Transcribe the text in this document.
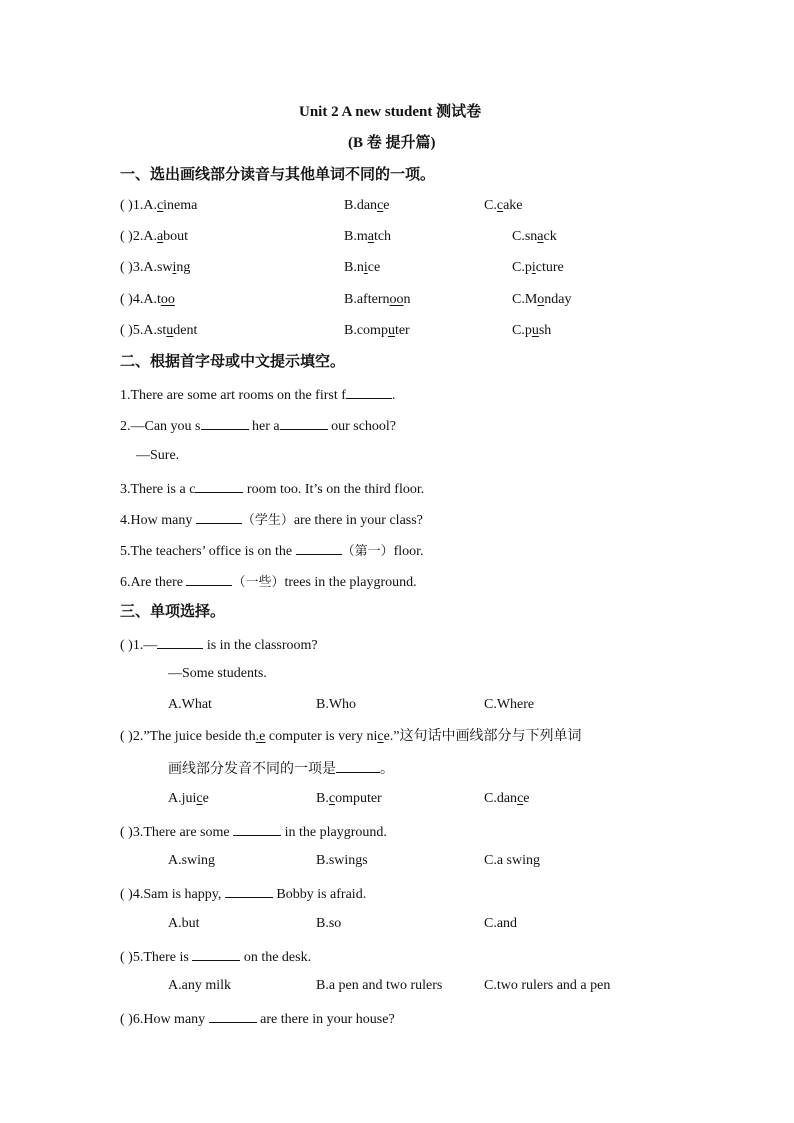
Unit 2 A new student 测试卷
(B 卷 提升篇)
一、选出画线部分读音与其他单词不同的一项。
( )1.A.cinema	B.dance	C.cake
( )2.A.about	B.match	C.snack
( )3.A.swing	B.nice	C.picture
( )4.A.too	B.afternoon	C.Monday
( )5.A.student	B.computer	C.push
二、根据首字母或中文提示填空。
1.There are some art rooms on the first f	.
2.—Can you s	her a	our school?
—Sure.
3.There is a c	room too. It’s on the third floor.
4.How many	（学生）are there in your class?
5.The teachers’ office is on the	（第一）floor.
6.Are there	（一些）trees in the playground.
三、单项选择。
( )1.—	is in the classroom?
—Some students.
A.What	B.Who	C.Where
( )2.”The juice beside th.e computer is very nice.”这句话中画线部分与下列单词
画线部分发音不同的一项是	。
A.juice	B.computer	C.dance
( )3.There are some	in the playground.
A.swing	B.swings	C.a swing
( )4.Sam is happy,	Bobby is afraid.
A.but	B.so	C.and
( )5.There is	on the desk.
A.any milk	B.a pen and two rulers	C.two rulers and a pen
( )6.How many	are there in your house?
